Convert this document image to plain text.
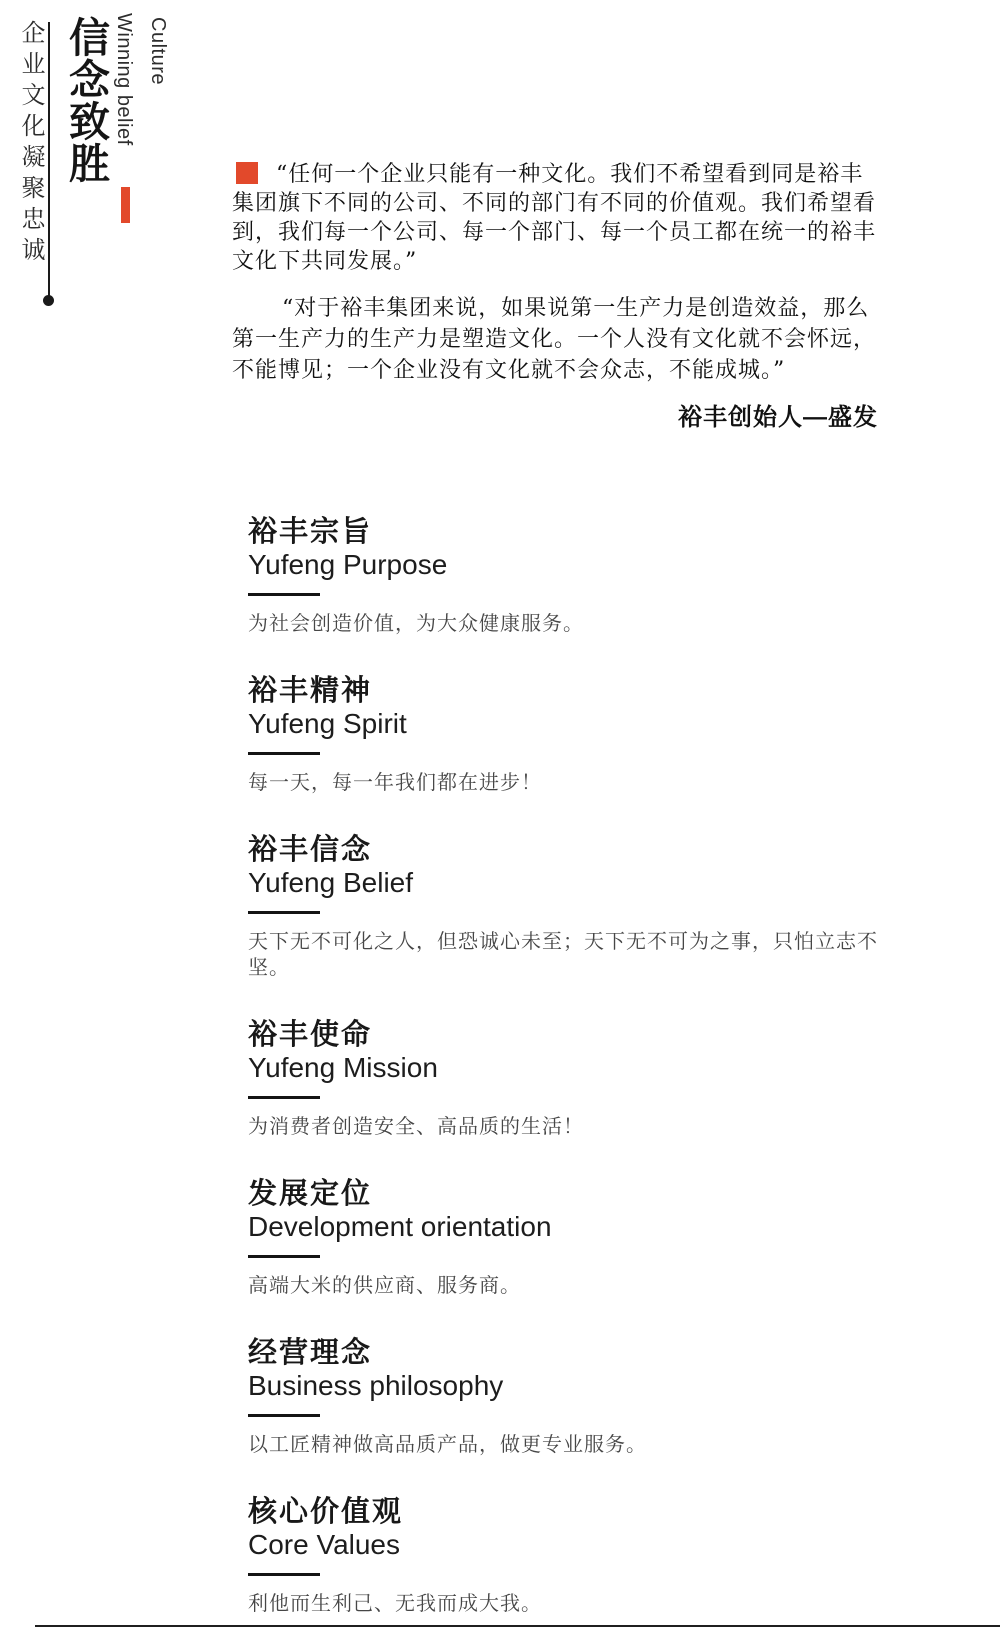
企业文化凝聚忠诚 信念致胜 Winning belief Culture

“任何一个企业只能有一种文化。我们不希望看到同是裕丰集团旗下不同的公司、不同的部门有不同的价值观。我们希望看到，我们每一个公司、每一个部门、每一个员工都在统一的裕丰文化下共同发展。”

“对于裕丰集团来说，如果说第一生产力是创造效益，那么第一生产力的生产力是塑造文化。一个人没有文化就不会怀远，不能博见；一个企业没有文化就不会众志，不能成城。”

裕丰创始人—盛发
裕丰宗旨
Yufeng Purpose
为社会创造价值，为大众健康服务。
裕丰精神
Yufeng Spirit
每一天，每一年我们都在进步！
裕丰信念
Yufeng Belief
天下无不可化之人，但恐诚心未至；天下无不可为之事，只怕立志不坚。
裕丰使命
Yufeng Mission
为消费者创造安全、高品质的生活！
发展定位
Development orientation
高端大米的供应商、服务商。
经营理念
Business philosophy
以工匠精神做高品质产品，做更专业服务。
核心价值观
Core Values
利他而生利己、无我而成大我。
